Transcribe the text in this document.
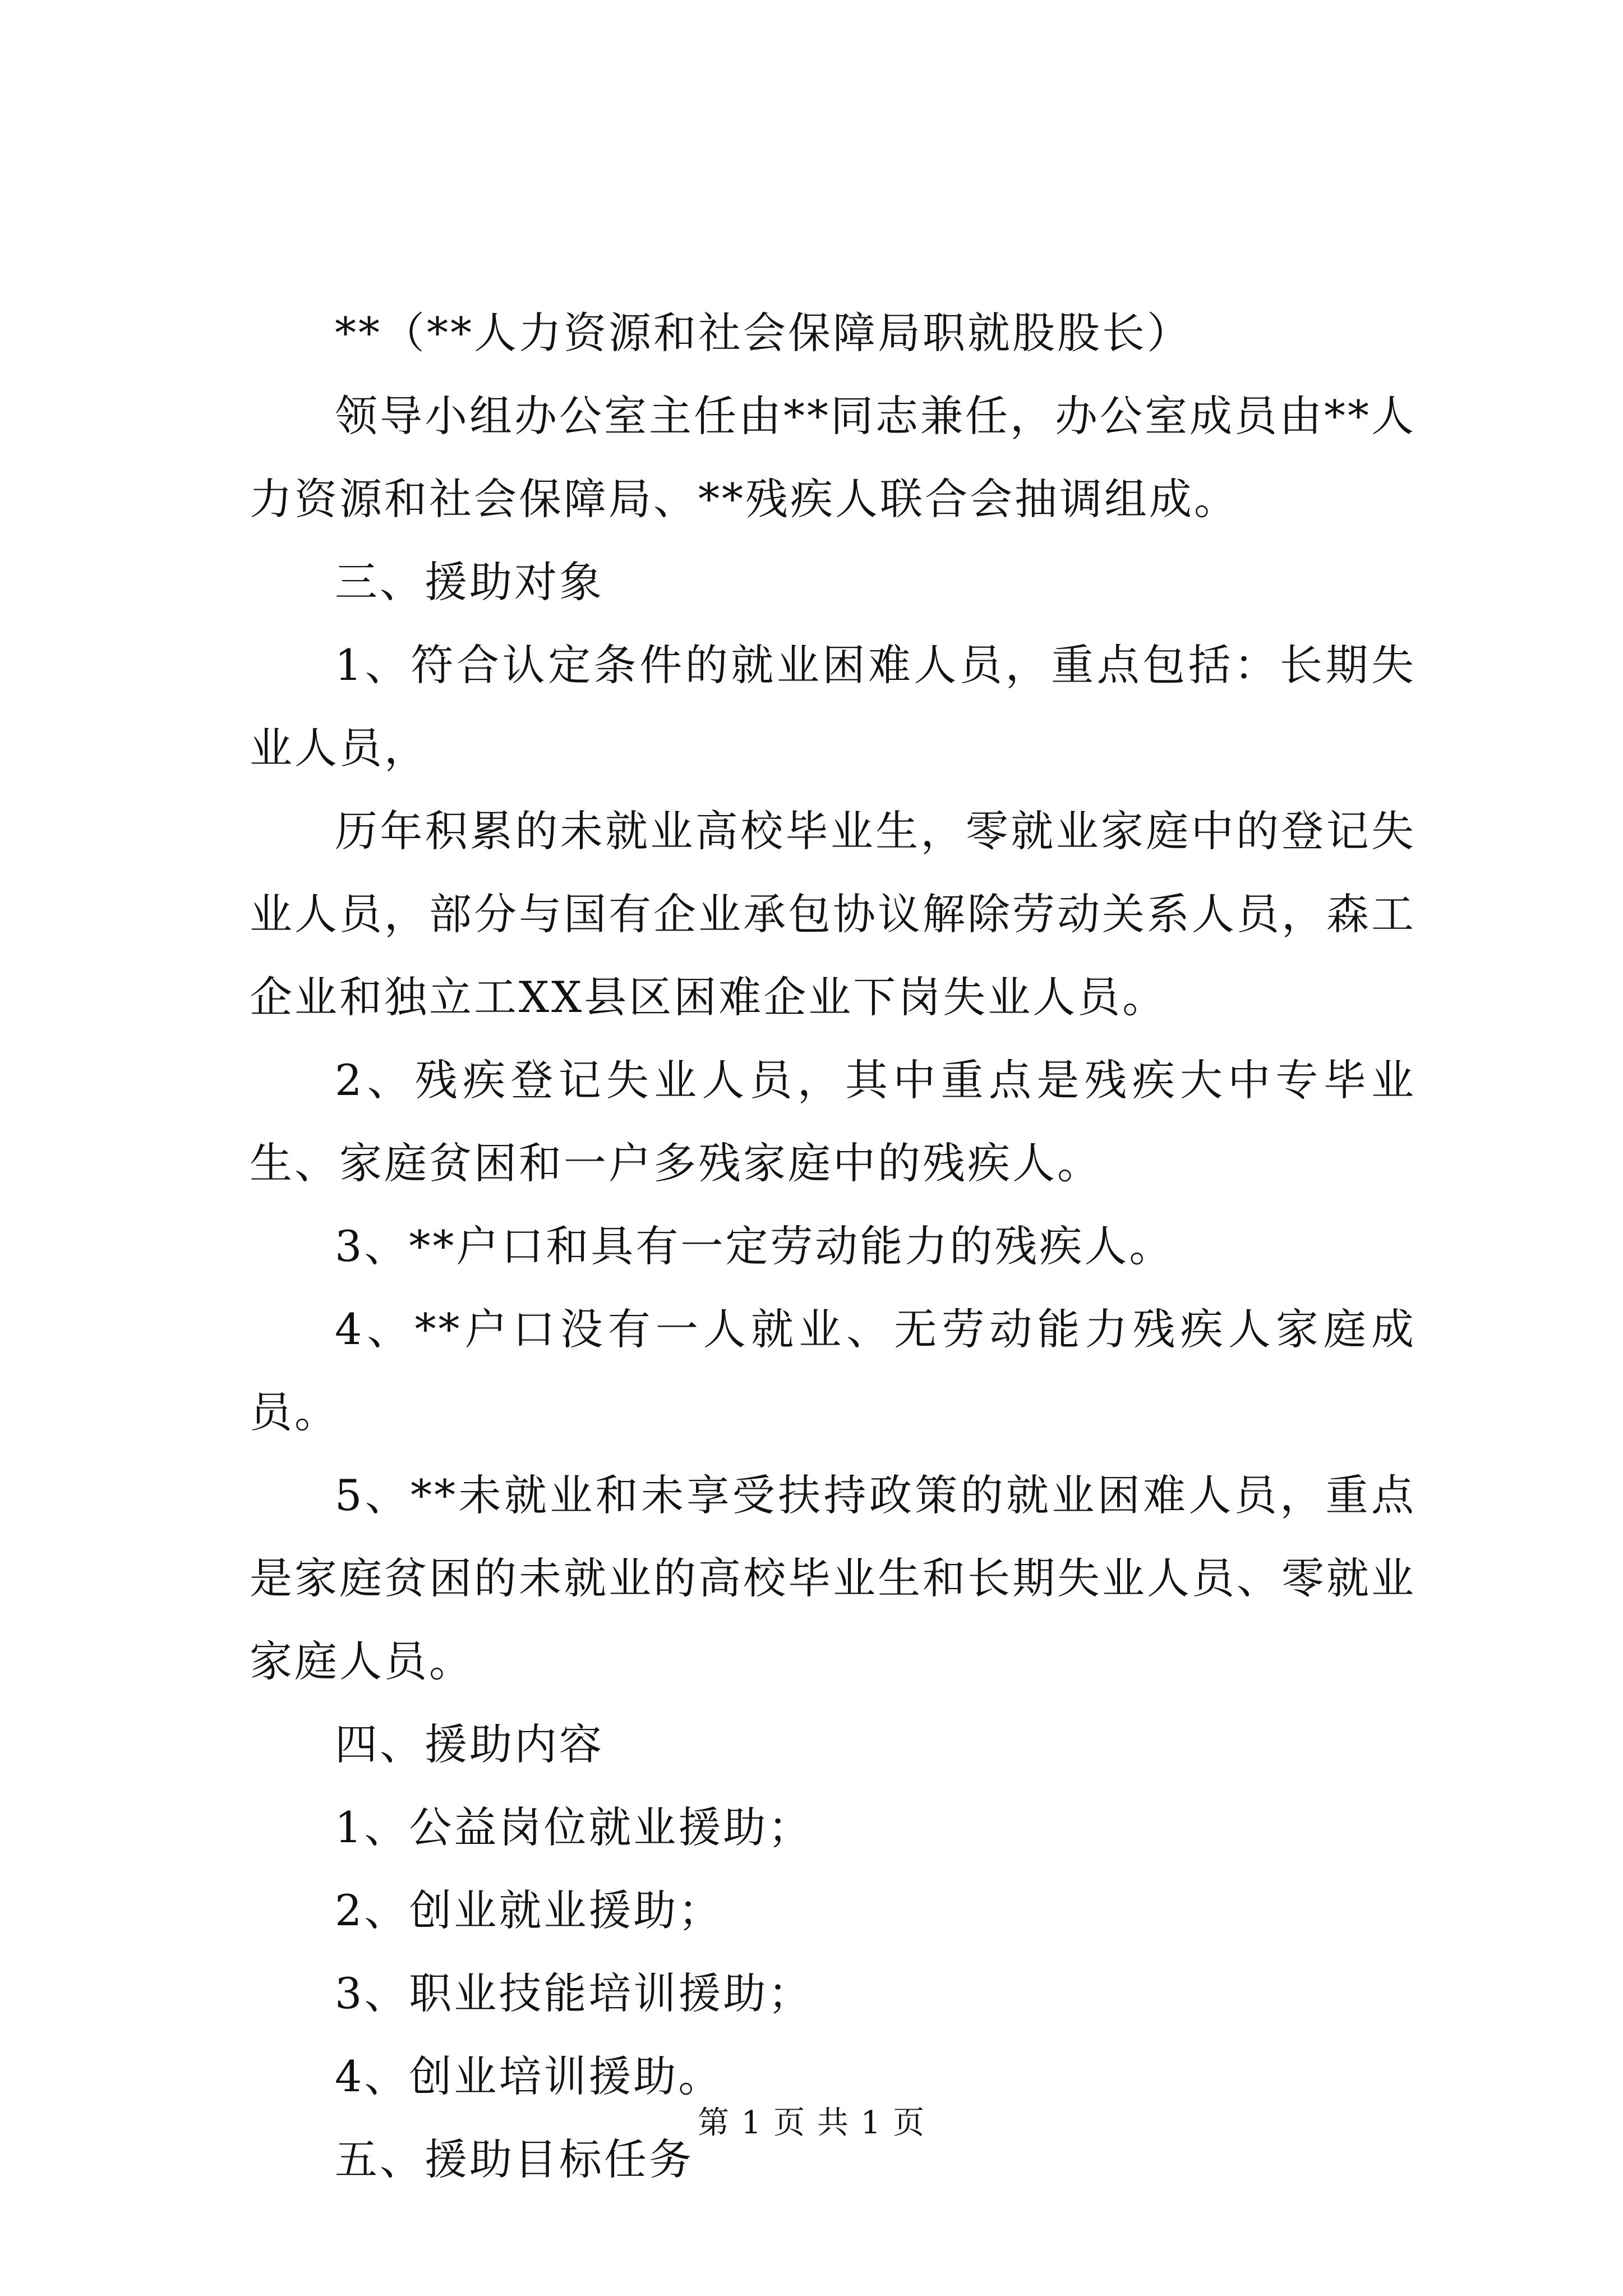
**（**人力资源和社会保障局职就股股长）

领导小组办公室主任由**同志兼任，办公室成员由**人力资源和社会保障局、**残疾人联合会抽调组成。

三、援助对象

1、符合认定条件的就业困难人员，重点包括：长期失业人员，

历年积累的未就业高校毕业生，零就业家庭中的登记失业人员，部分与国有企业承包协议解除劳动关系人员，森工企业和独立工XX县区困难企业下岗失业人员。

2、残疾登记失业人员，其中重点是残疾大中专毕业生、家庭贫困和一户多残家庭中的残疾人。

3、**户口和具有一定劳动能力的残疾人。

4、**户口没有一人就业、无劳动能力残疾人家庭成员。

5、**未就业和未享受扶持政策的就业困难人员，重点是家庭贫困的未就业的高校毕业生和长期失业人员、零就业家庭人员。

四、援助内容

1、公益岗位就业援助；

2、创业就业援助；

3、职业技能培训援助；

4、创业培训援助。

五、援助目标任务

第 1 页 共 1 页
